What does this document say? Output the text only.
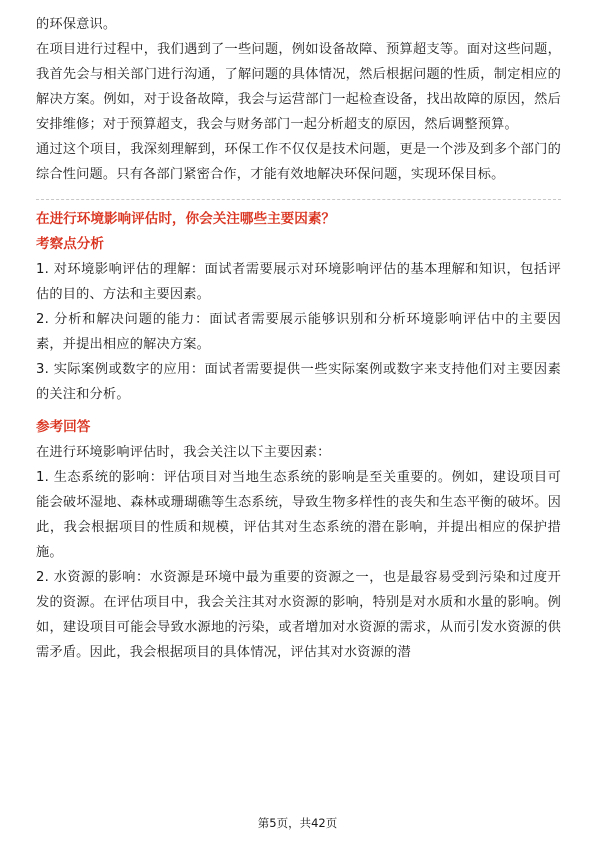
的环保意识。

在项目进行过程中，我们遇到了一些问题，例如设备故障、预算超支等。面对这些问题，我首先会与相关部门进行沟通，了解问题的具体情况，然后根据问题的性质，制定相应的解决方案。例如，对于设备故障，我会与运营部门一起检查设备，找出故障的原因，然后安排维修；对于预算超支，我会与财务部门一起分析超支的原因，然后调整预算。

通过这个项目，我深刻理解到，环保工作不仅仅是技术问题，更是一个涉及到多个部门的综合性问题。只有各部门紧密合作，才能有效地解决环保问题，实现环保目标。

在进行环境影响评估时，你会关注哪些主要因素？

考察点分析

1. 对环境影响评估的理解：面试者需要展示对环境影响评估的基本理解和知识，包括评估的目的、方法和主要因素。

2. 分析和解决问题的能力：面试者需要展示能够识别和分析环境影响评估中的主要因素，并提出相应的解决方案。

3. 实际案例或数字的应用：面试者需要提供一些实际案例或数字来支持他们对主要因素的关注和分析。

参考回答

在进行环境影响评估时，我会关注以下主要因素：

1. 生态系统的影响：评估项目对当地生态系统的影响是至关重要的。例如，建设项目可能会破坏湿地、森林或珊瑚礁等生态系统，导致生物多样性的丧失和生态平衡的破坏。因此，我会根据项目的性质和规模，评估其对生态系统的潜在影响，并提出相应的保护措施。

2. 水资源的影响：水资源是环境中最为重要的资源之一，也是最容易受到污染和过度开发的资源。在评估项目中，我会关注其对水资源的影响，特别是对水质和水量的影响。例如，建设项目可能会导致水源地的污染，或者增加对水资源的需求，从而引发水资源的供需矛盾。因此，我会根据项目的具体情况，评估其对水资源的潜

第5页，共42页
